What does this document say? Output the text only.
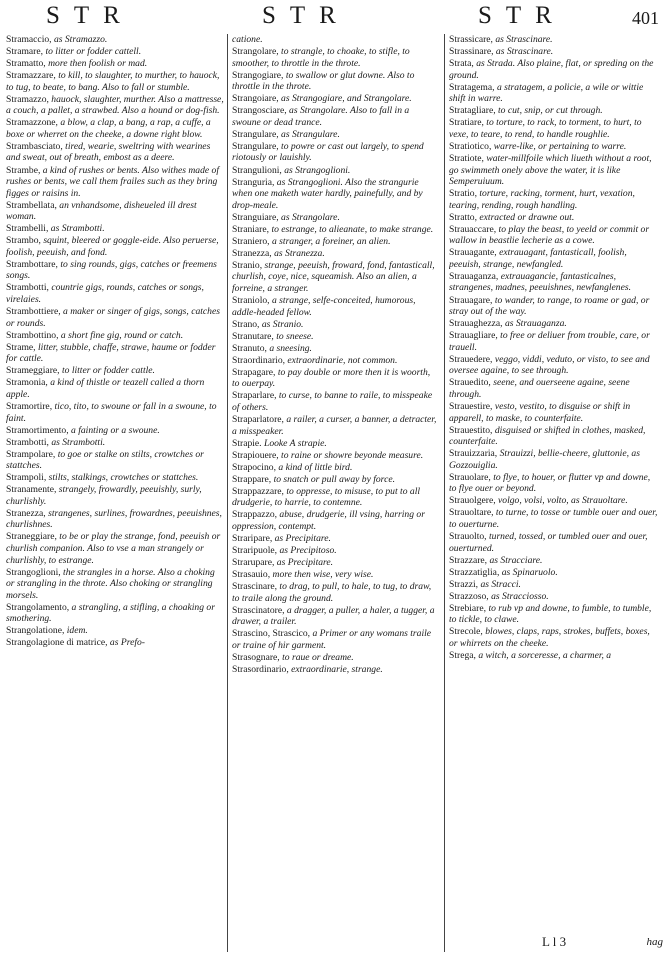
STR	STR	STR	401

Stramaccio, as Stramazzo.

Stramare, to litter or fodder cattell.

Stramatto, more then foolish or mad.

Stramazzare, to kill, to slaughter, to murther, to hauock, to tug, to beate, to bang. Also to fall or stumble.

Stramazzo, hauock, slaughter, murther. Also a mattresse, a couch, a pallet, a strawbed. Also a hound or dog-fish.

Stramazzone, a blow, a clap, a bang, a rap, a cuffe, a boxe or wherret on the cheeke, a downe right blow.

Strambasciato, tired, wearie, sweltring with wearines and sweat, out of breath, embost as a deere.

Strambe, a kind of rushes or bents. Also withes made of rushes or bents, we call them frailes such as they bring figges or raisins in.

Strambellata, an vnhandsome, disheueled ill drest woman.

Strambelli, as Strambotti.

Strambo, squint, bleered or goggle-eide. Also peruerse, foolish, peeuish, and fond.

Strambottare, to sing rounds, gigs, catches or freemens songs.

Strambotti, countrie gigs, rounds, catches or songs, virelaies.

Strambottiere, a maker or singer of gigs, songs, catches or rounds.

Strambottino, a short fine gig, round or catch.

Strame, litter, stubble, chaffe, strawe, haume or fodder for cattle.

Strameggiare, to litter or fodder cattle.

Stramonia, a kind of thistle or teazell called a thorn apple.

Stramortire, tico, tito, to swoune or fall in a swoune, to faint.

Stramortimento, a fainting or a swoune.

Strambotti, as Strambotti.

Strampolare, to goe or stalke on stilts, crowtches or stattches.

Strampoli, stilts, stalkings, crowtches or stattches.

Stranamente, strangely, frowardly, peeuishly, surly, churlishly.

Stranezza, strangenes, surlines, frowardnes, peeuishnes, churlishnes.

Straneggiare, to be or play the strange, fond, peeuish or churlish companion. Also to vse a man strangely or churlishly, to estrange.

Strangoglioni, the strangles in a horse. Also a choking or strangling in the throte. Also choking or strangling morsels.

Strangolamento, a strangling, a stifling, a choaking or smothering.

Strangolatione, idem.

Strangolagione di matrice, as Prefo-

catione.

Strangolare, to strangle, to choake, to stifle, to smoother, to throttle in the throte.

Strangogiare, to swallow or glut downe. Also to throttle in the throte.

Strangoiare, as Strangogiare, and Strangolare.

Strangosciare, as Strangolare. Also to fall in a swoune or dead trance.

Strangulare, as Strangulare.

Strangulare, to powre or cast out largely, to spend riotously or lauishly.

Strangulioni, as Strangoglioni.

Stranguria, as Strangoglioni. Also the strangurie when one maketh water hardly, painefully, and by drop-meale.

Stranguiare, as Strangolare.

Straniare, to estrange, to alieanate, to make strange.

Straniero, a stranger, a foreiner, an alien.

Stranezza, as Stranezza.

Stranio, strange, peeuish, froward, fond, fantasticall, churlish, coye, nice, squeamish. Also an alien, a forreine, a stranger.

Straniolo, a strange, selfe-conceited, humorous, addle-headed fellow.

Strano, as Stranio.

Stranutare, to sneese.

Stranuto, a sneesing.

Straordinario, extraordinarie, not common.

Strapagare, to pay double or more then it is woorth, to ouerpay.

Straparlare, to curse, to banne to raile, to misspeake of others.

Straparlatore, a railer, a curser, a banner, a detracter, a misspeaker.

Strapie. Looke A strapie.

Strapiouere, to raine or showre beyonde measure.

Strapocino, a kind of little bird.

Strappare, to snatch or pull away by force.

Strappazzare, to oppresse, to misuse, to put to all drudgerie, to harrie, to contemne.

Strappazzo, abuse, drudgerie, ill vsing, harring or oppression, contempt.

Straripare, as Precipitare.

Straripuole, as Precipitoso.

Strarupare, as Precipitare.

Strasauio, more then wise, very wise.

Strascinare, to drag, to pull, to hale, to tug, to draw, to traile along the ground.

Strascinatore, a dragger, a puller, a haler, a tugger, a drawer, a trailer.

Strascino, Strascico, a Primer or any womans traile or traine of hir garment.

Strasognare, to raue or dreame.

Strasordinario, extraordinarie, strange.

Strassicare, as Strascinare.

Strassinare, as Strascinare.

Strata, as Strada. Also plaine, flat, or spreding on the ground.

Stratagema, a stratagem, a policie, a wile or wittie shift in warre.

Stratagliare, to cut, snip, or cut through.

Stratiare, to torture, to rack, to torment, to hurt, to vexe, to teare, to rend, to handle roughlie.

Stratiotico, warre-like, or pertaining to warre.

Stratiote, water-millfoile which liueth without a root, go swimmeth onely above the water, it is like Semperuiuum.

Stratio, torture, racking, torment, hurt, vexation, tearing, rending, rough handling.

Stratto, extracted or drawne out.

Strauaccare, to play the beast, to yeeld or commit or wallow in beastlie lecherie as a cowe.

Strauagante, extrauagant, fantasticall, foolish, peeuish, strange, newfangled.

Strauaganza, extrauagancie, fantasticalnes, strangenes, madnes, peeuishnes, newfanglenes.

Strauagare, to wander, to range, to roame or gad, or stray out of the way.

Strauaghezza, as Strauaganza.

Strauagliare, to free or deliuer from trouble, care, or trauell.

Strauedere, veggo, viddi, veduto, or visto, to see and oversee againe, to see through.

Strauedito, seene, and ouerseene againe, seene through.

Strauestire, vesto, vestito, to disguise or shift in apparell, to maske, to counterfaite.

Strauestito, disguised or shifted in clothes, masked, counterfaite.

Strauizzaria, Strauizzi, bellie-cheere, gluttonie, as Gozzouiglia.

Strauolare, to flye, to houer, or flutter vp and downe, to flye ouer or beyond.

Strauolgere, volgo, volsi, volto, as Strauoltare.

Strauoltare, to turne, to tosse or tumble ouer and ouer, to ouerturne.

Strauolto, turned, tossed, or tumbled ouer and ouer, ouerturned.

Strazzare, as Stracciare.

Strazzatiglia, as Spinaruolo.

Strazzi, as Stracci.

Strazzoso, as Stracciosso.

Strebiare, to rub vp and downe, to fumble, to tumble, to tickle, to clawe.

Strecole, blowes, claps, raps, strokes, buffets, boxes, or whirrets on the cheeke.

Strega, a witch, a sorceresse, a charmer, a

L l 3	hag
